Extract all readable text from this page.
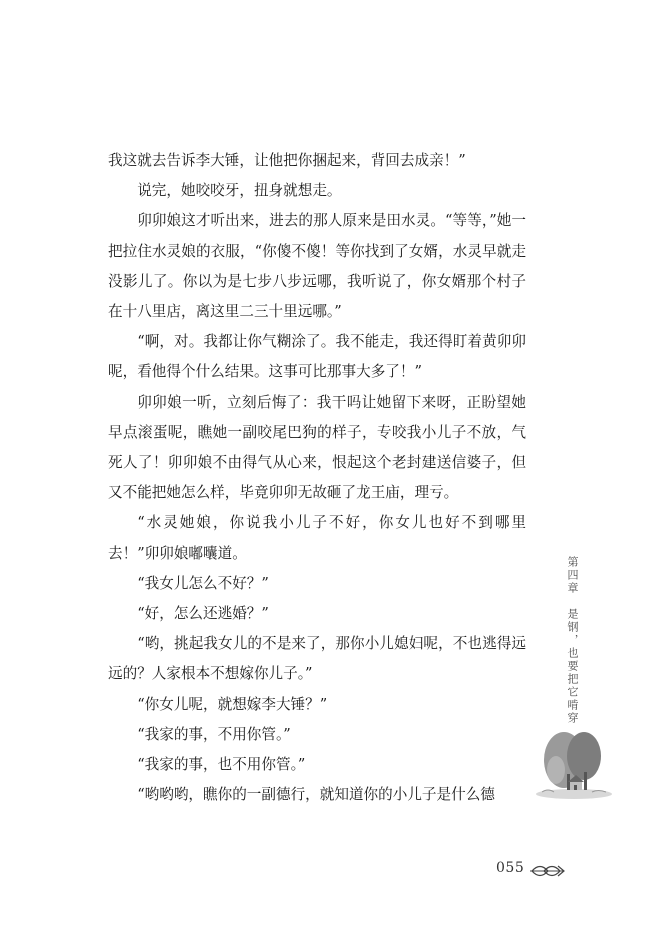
我这就去告诉李大锤，让他把你捆起来，背回去成亲！”

说完，她咬咬牙，扭身就想走。

卯卯娘这才听出来，进去的那人原来是田水灵。“等等，”她一把拉住水灵娘的衣服，“你傻不傻！等你找到了女婿，水灵早就走没影儿了。你以为是七步八步远哪，我听说了，你女婿那个村子在十八里店，离这里二三十里远哪。”

“啊，对。我都让你气糊涂了。我不能走，我还得盯着黄卯卯呢，看他得个什么结果。这事可比那事大多了！”

卯卯娘一听，立刻后悔了：我干吗让她留下来呀，正盼望她早点滚蛋呢，瞧她一副咬尾巴狗的样子，专咬我小儿子不放，气死人了！卯卯娘不由得气从心来，恨起这个老封建送信婆子，但又不能把她怎么样，毕竟卯卯无故砸了龙王庙，理亏。

“水灵她娘，你说我小儿子不好，你女儿也好不到哪里去！”卯卯娘嘟囔道。

“我女儿怎么不好？”

“好，怎么还逃婚？”

“哟，挑起我女儿的不是来了，那你小儿媳妇呢，不也逃得远远的？人家根本不想嫁你儿子。”

“你女儿呢，就想嫁李大锤？”

“我家的事，不用你管。”

“我家的事，也不用你管。”

“哟哟哟，瞧你的一副德行，就知道你的小儿子是什么德

第四章　是钢，也要把它啃穿
055
